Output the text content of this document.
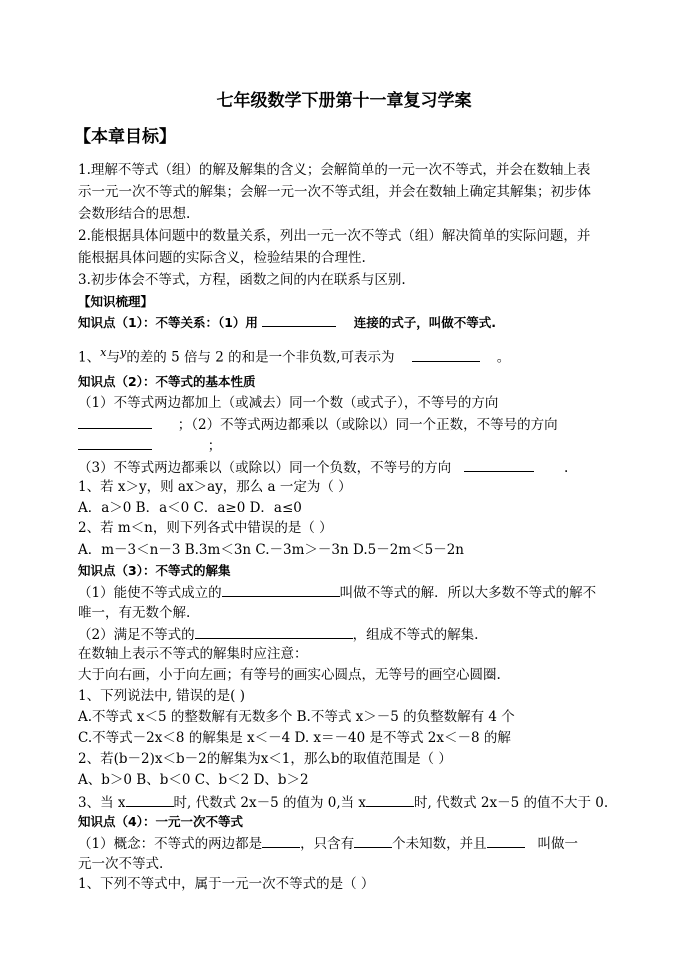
七年级数学下册第十一章复习学案
【本章目标】
1.理解不等式（组）的解及解集的含义；会解简单的一元一次不等式，并会在数轴上表
示一元一次不等式的解集；会解一元一次不等式组，并会在数轴上确定其解集；初步体
会数形结合的思想.
2.能根据具体问题中的数量关系，列出一元一次不等式（组）解决简单的实际问题，并
能根据具体问题的实际含义，检验结果的合理性.
3.初步体会不等式，方程，函数之间的内在联系与区别.
【知识梳理】
知识点（1）：不等关系：（1）用	连接的式子，叫做不等式.
1、$^x$与$^y$的差的 5 倍与 2 的和是一个非负数,可表示为	。
知识点（2）：不等式的基本性质
（1）不等式两边都加上（或减去）同一个数（或式子），不等号的方向
；（2）不等式两边都乘以（或除以）同一个正数，不等号的方向
；
（3）不等式两边都乘以（或除以）同一个负数，不等号的方向	.
1、若 x＞y，则 ax＞ay，那么 a 一定为（ ）
A．a＞0 B．a＜0 C．a≥0 D．a≤0
2、若 m＜n，则下列各式中错误的是（ ）
A．m－3＜n－3 B.3m＜3n C.－3m＞－3n D.5－2m＜5－2n
知识点（3）：不等式的解集
（1）能使不等式成立的	叫做不等式的解．所以大多数不等式的解不
唯一，有无数个解.
（2）满足不等式的	，组成不等式的解集.
在数轴上表示不等式的解集时应注意：
大于向右画，小于向左画；有等号的画实心圆点，无等号的画空心圆圈.
1、下列说法中, 错误的是( )
A.不等式 x＜5 的整数解有无数多个 B.不等式 x＞－5 的负整数解有 4 个
C.不等式－2x＜8 的解集是 x＜－4 D. x＝－40 是不等式 2x＜－8 的解
2、若(b－2)x＜b－2的解集为x＜1，那么b的取值范围是（ ）
A、b＞0 B、b＜0 C、b＜2 D、b＞2
3、当 x	时, 代数式 2x－5 的值为 0,当 x	时, 代数式 2x－5 的值不大于 0.
知识点（4）：一元一次不等式
（1）概念：不等式的两边都是	，只含有	个未知数，并且	叫做一
元一次不等式.
1、下列不等式中，属于一元一次不等式的是（ ）
